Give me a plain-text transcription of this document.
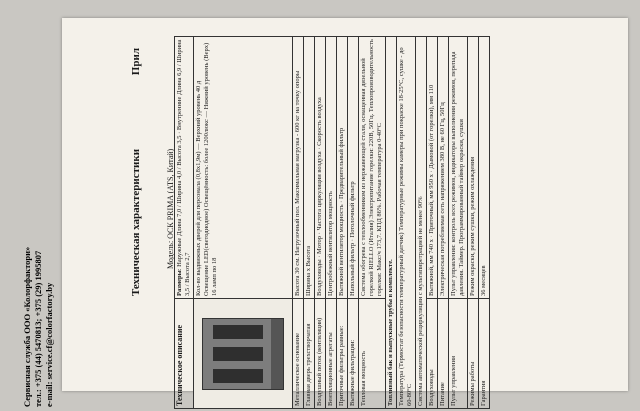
Прил
Техническая характеристики	Модель: ОСК PRIMA (ATS, Китай)
Техническое описание	Размеры: Наружные Длина 7,0 / Ширина 4,0 / Высота 3,5 · Внутренние Длина 6,9 / Ширина 3,5 / Высота 2,7

	Кол-во выдвижных дверей для персонала (0,8х1,9м) — Верхний уровень 40 д
Освещение LED(светодиодное) Освещённость: более 1200люкс — Нижний уровень (Верх) 16 ламп по 18
Металлическое основание	Высота 30 см. Нагрузочный пол. Максимальная нагрузка - 600 кг на точку опоры
Главная дверь трехстворчатая	Ширина х Высота
Воздушный поток (вентиляция)	Воздуховоды · Мотор · Частота циркуляции воздуха · Скорость воздуха
Вентиляционные агрегаты	Центробежный вентилятор мощность
Приточные фильтры равные:	Вытяжной вентилятор мощность · Предварительный фильтр
Вытяжные фильтрации:	Напольный фильтр · Потолочный фильтр
Тепловая мощность	Система обогрева с теплообменником из нержавеющей стали, оснащенная дизельной горелкой RIELLO (Италия) Электропитание горелки: 220В, 50Гц. Теплопроизводительность горелки: Макс/ч 173,7. КПД 86%. Рабочая температура 0-40°С
Топливный бак и выпускные трубы в комплекте.	
Температура (Термостат безопасности температурный датчик) Температурные режимы камеры при покраске 18-25°С, сушке - до 60-80°С	
Система автоматической рециркуляции с мультипиретрацией не менее 90%	
Воздуховоды	Вытяжной, мм 740 х · Приточный, мм 950 х · Дымовой (от горелки), мм 110
Питание	Электрическая потребляемая сеть напряжением 380 В, не 60 Гц, 50Гц
Пульт управления	Пульт управления: контроль всех режимов, индикаторы выполнения режимов, перепада давления. Таймер. Программированный таймер окраски, сушки
Режимы работы	Режим окраски, режим сушки, режим охлаждения
Гарантия	36 месяцев
Сервисная служба ООО «Колорфактори» тел.: +375 (44) 5470813; +375 (29) 1995807 e-mail: service.cf@colorfactory.by
